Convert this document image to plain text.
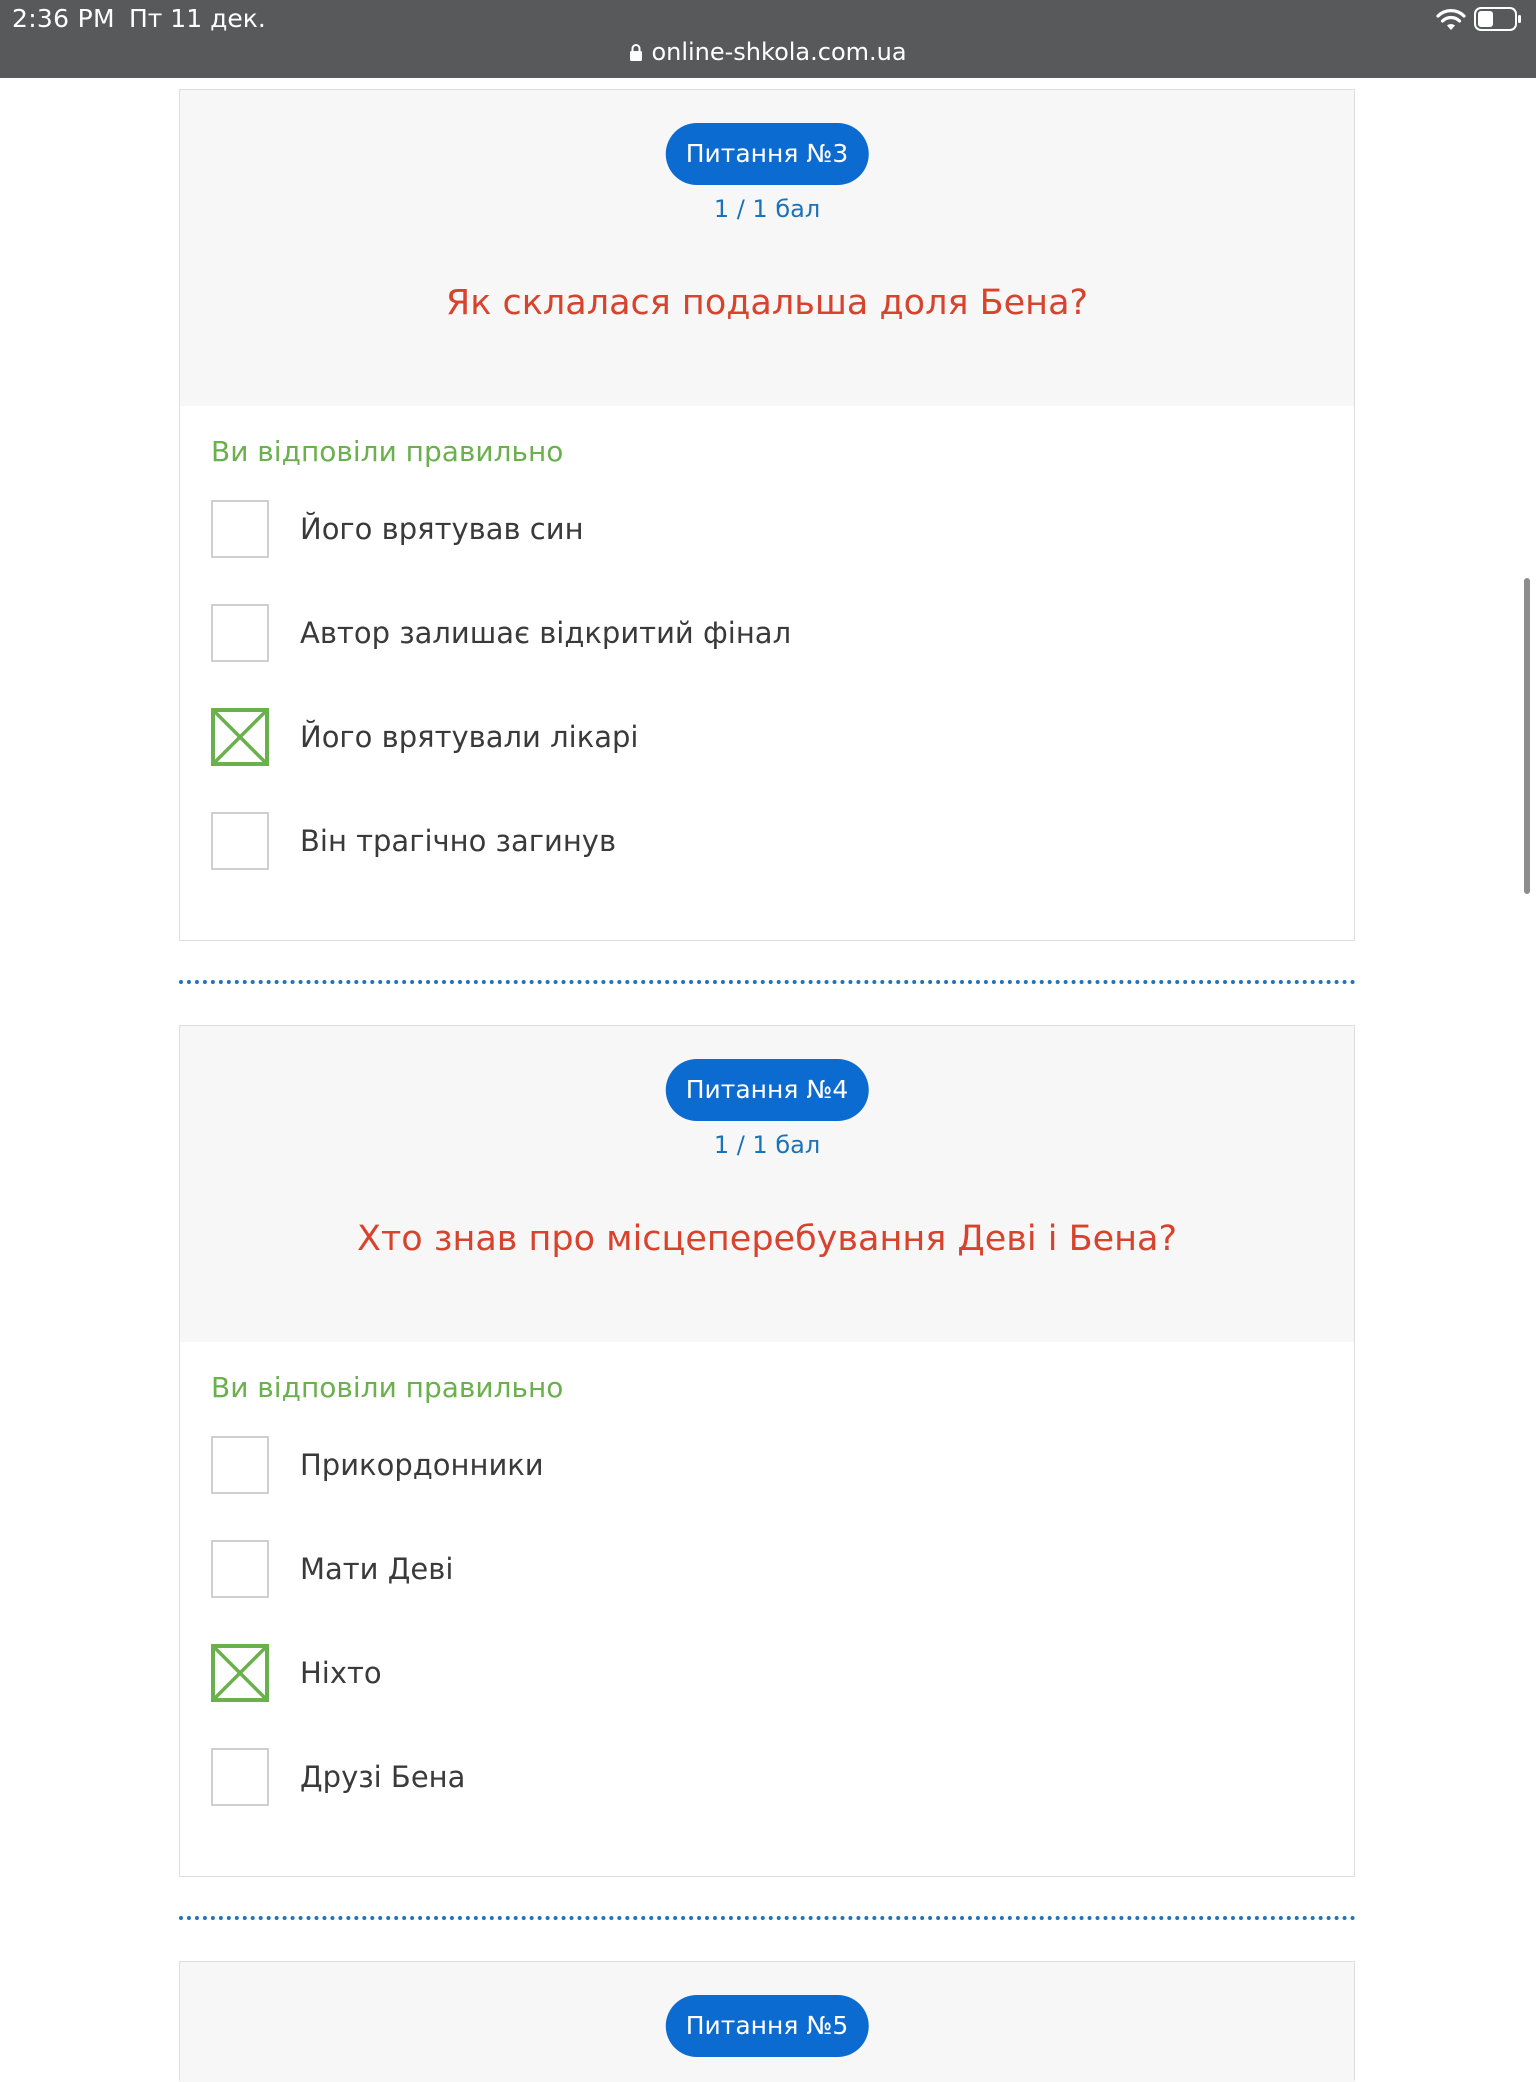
2:36 PM Пт 11 дек.
online-shkola.com.ua
Питання №3
1 / 1 бал
Як склалася подальша доля Бена?
Ви відповіли правильно
Його врятував син
Автор залишає відкритий фінал
Його врятували лікарі
Він трагічно загинув
Питання №4
1 / 1 бал
Хто знав про місцеперебування Деві і Бена?
Ви відповіли правильно
Прикордонники
Мати Деві
Ніхто
Друзі Бена
Питання №5
